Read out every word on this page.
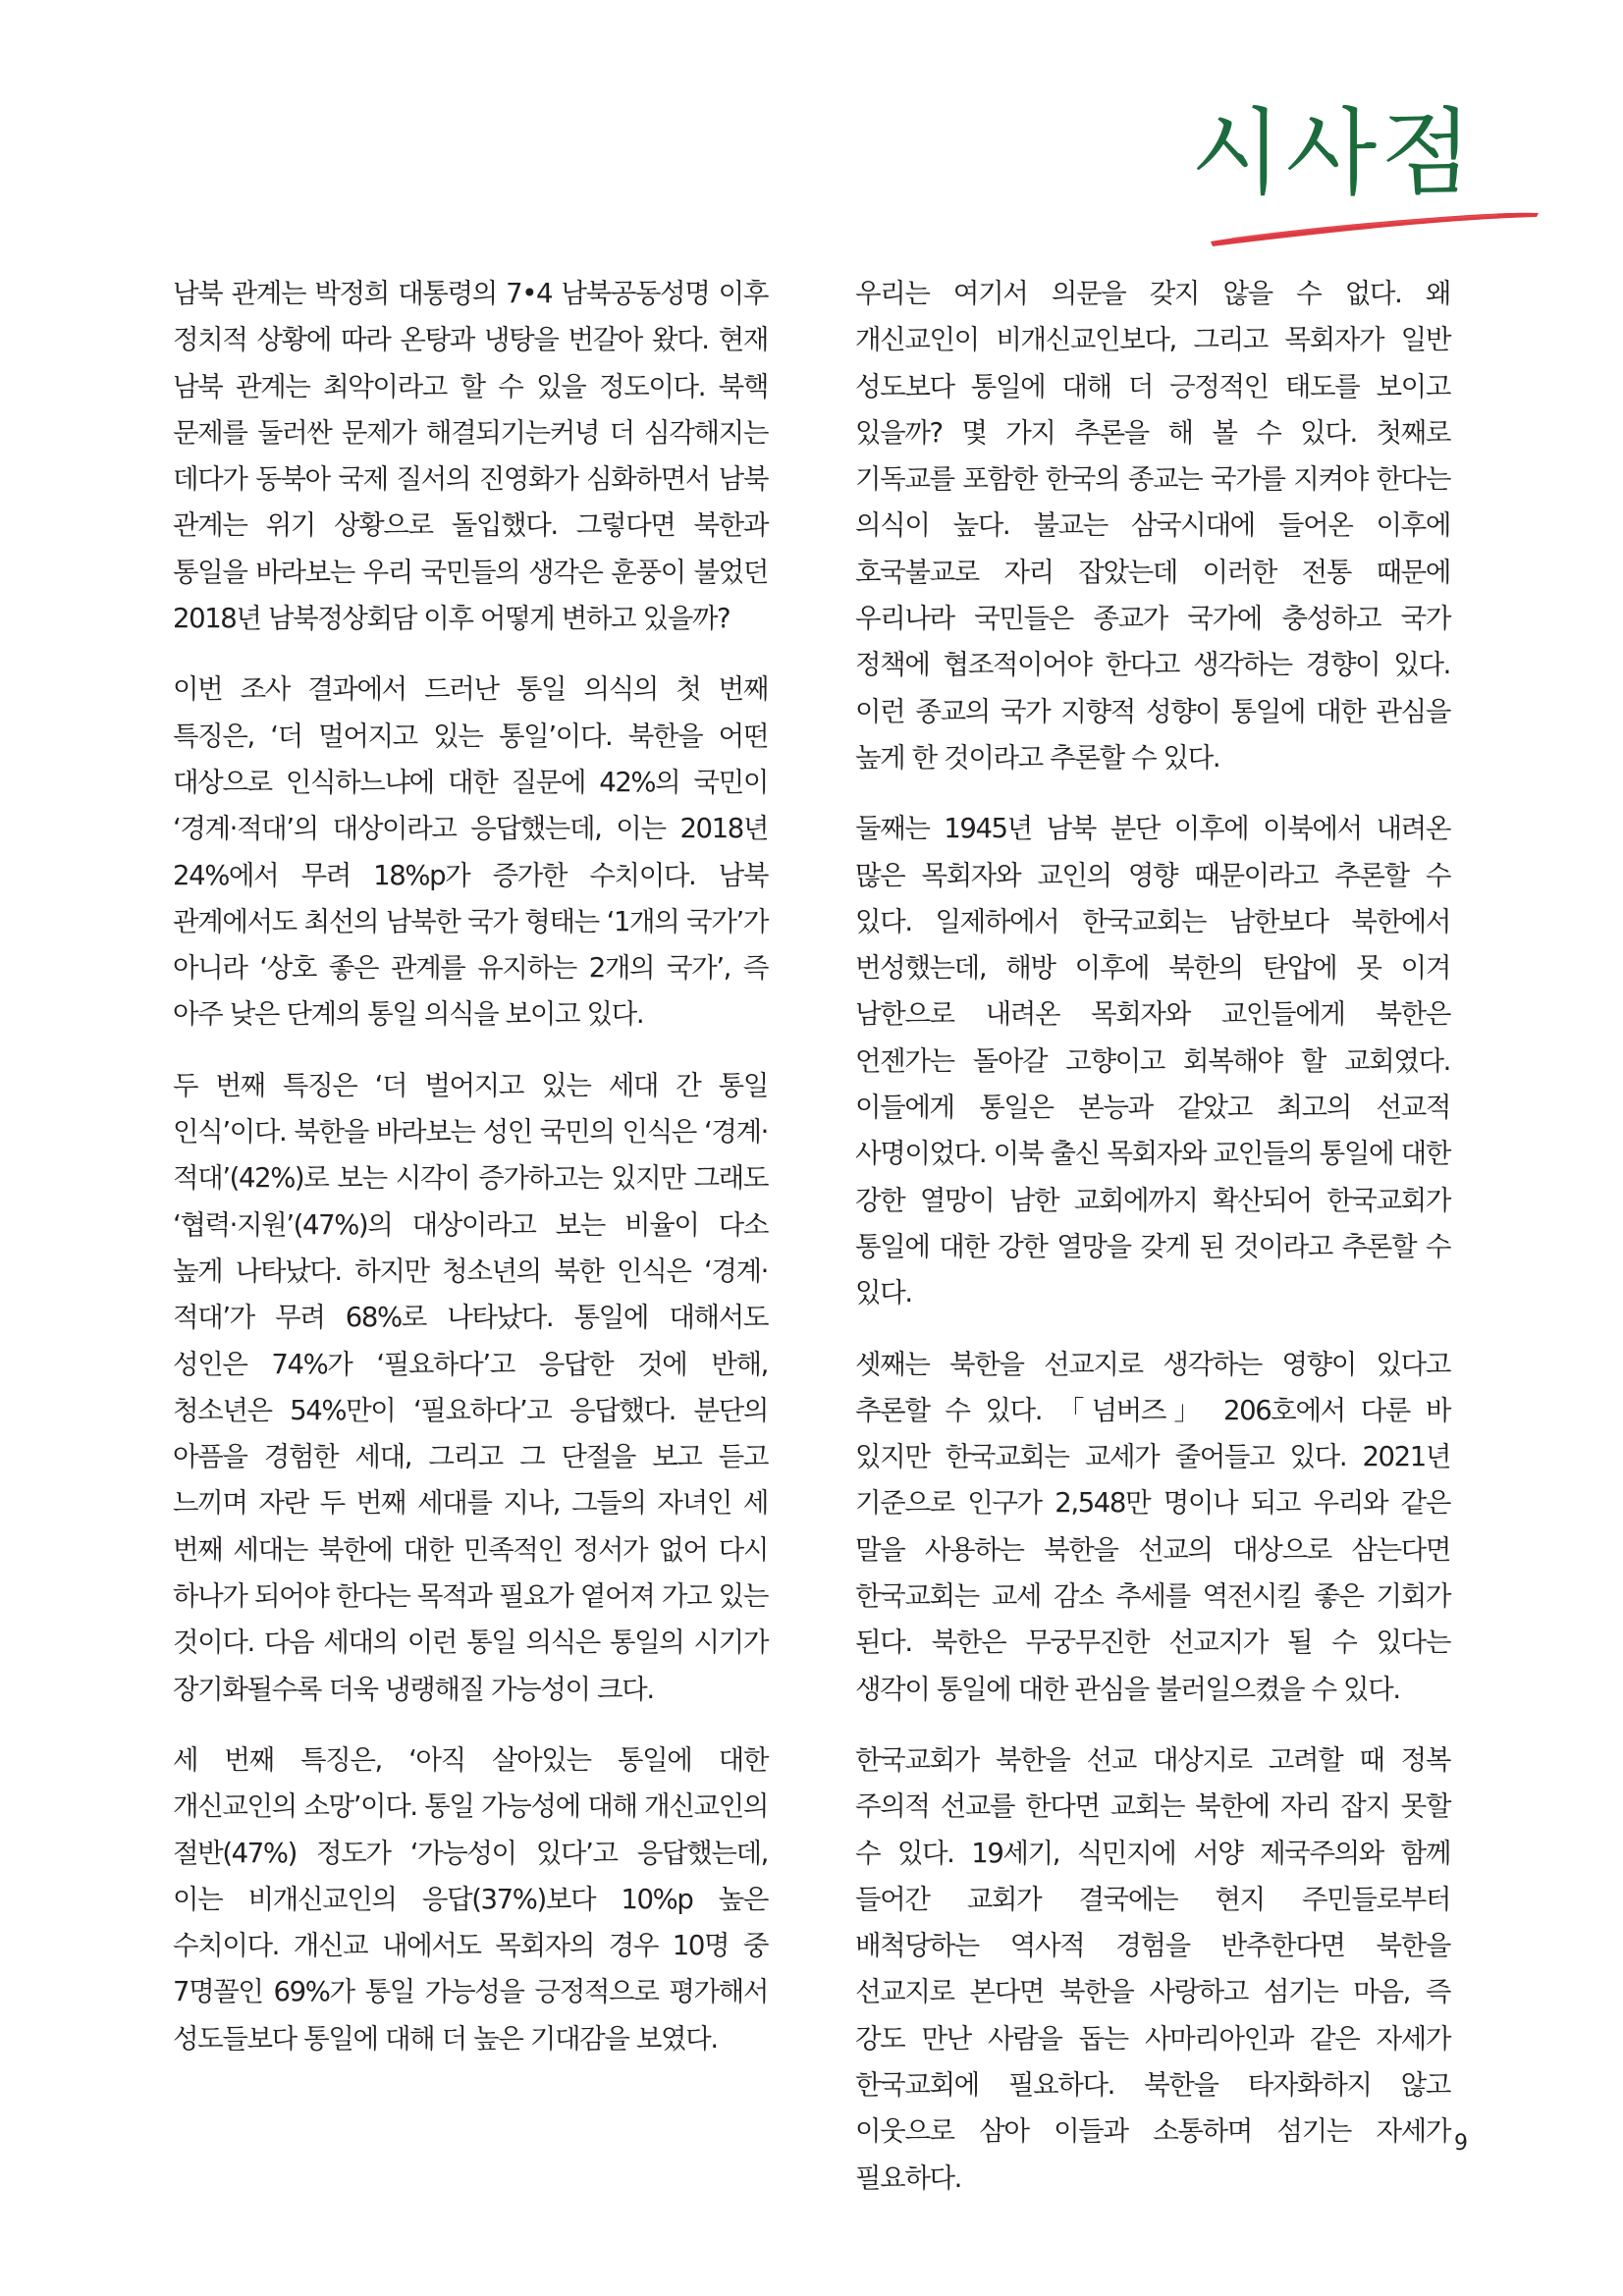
시사점

남북 관계는 박정희 대통령의 7•4 남북공동성명 이후 정치적 상황에 따라 온탕과 냉탕을 번갈아 왔다. 현재 남북 관계는 최악이라고 할 수 있을 정도이다. 북핵 문제를 둘러싼 문제가 해결되기는커녕 더 심각해지는 데다가 동북아 국제 질서의 진영화가 심화하면서 남북 관계는 위기 상황으로 돌입했다. 그렇다면 북한과 통일을 바라보는 우리 국민들의 생각은 훈풍이 불었던 2018년 남북정상회담 이후 어떻게 변하고 있을까?

이번 조사 결과에서 드러난 통일 의식의 첫 번째 특징은, ‘더 멀어지고 있는 통일’이다. 북한을 어떤 대상으로 인식하느냐에 대한 질문에 42%의 국민이 ‘경계·적대’의 대상이라고 응답했는데, 이는 2018년 24%에서 무려 18%p가 증가한 수치이다. 남북 관계에서도 최선의 남북한 국가 형태는 ‘1개의 국가’가 아니라 ‘상호 좋은 관계를 유지하는 2개의 국가’, 즉 아주 낮은 단계의 통일 의식을 보이고 있다.

두 번째 특징은 ‘더 벌어지고 있는 세대 간 통일 인식’이다. 북한을 바라보는 성인 국민의 인식은 ‘경계·적대’(42%)로 보는 시각이 증가하고는 있지만 그래도 ‘협력·지원’(47%)의 대상이라고 보는 비율이 다소 높게 나타났다. 하지만 청소년의 북한 인식은 ‘경계·적대’가 무려 68%로 나타났다. 통일에 대해서도 성인은 74%가 ‘필요하다’고 응답한 것에 반해, 청소년은 54%만이 ‘필요하다’고 응답했다. 분단의 아픔을 경험한 세대, 그리고 그 단절을 보고 듣고 느끼며 자란 두 번째 세대를 지나, 그들의 자녀인 세 번째 세대는 북한에 대한 민족적인 정서가 없어 다시 하나가 되어야 한다는 목적과 필요가 옅어져 가고 있는 것이다. 다음 세대의 이런 통일 의식은 통일의 시기가 장기화될수록 더욱 냉랭해질 가능성이 크다.

세 번째 특징은, ‘아직 살아있는 통일에 대한 개신교인의 소망’이다. 통일 가능성에 대해 개신교인의 절반(47%) 정도가 ‘가능성이 있다’고 응답했는데, 이는 비개신교인의 응답(37%)보다 10%p 높은 수치이다. 개신교 내에서도 목회자의 경우 10명 중 7명꼴인 69%가 통일 가능성을 긍정적으로 평가해서 성도들보다 통일에 대해 더 높은 기대감을 보였다.

우리는 여기서 의문을 갖지 않을 수 없다. 왜 개신교인이 비개신교인보다, 그리고 목회자가 일반 성도보다 통일에 대해 더 긍정적인 태도를 보이고 있을까? 몇 가지 추론을 해 볼 수 있다. 첫째로 기독교를 포함한 한국의 종교는 국가를 지켜야 한다는 의식이 높다. 불교는 삼국시대에 들어온 이후에 호국불교로 자리 잡았는데 이러한 전통 때문에 우리나라 국민들은 종교가 국가에 충성하고 국가 정책에 협조적이어야 한다고 생각하는 경향이 있다. 이런 종교의 국가 지향적 성향이 통일에 대한 관심을 높게 한 것이라고 추론할 수 있다.

둘째는 1945년 남북 분단 이후에 이북에서 내려온 많은 목회자와 교인의 영향 때문이라고 추론할 수 있다. 일제하에서 한국교회는 남한보다 북한에서 번성했는데, 해방 이후에 북한의 탄압에 못 이겨 남한으로 내려온 목회자와 교인들에게 북한은 언젠가는 돌아갈 고향이고 회복해야 할 교회였다. 이들에게 통일은 본능과 같았고 최고의 선교적 사명이었다. 이북 출신 목회자와 교인들의 통일에 대한 강한 열망이 남한 교회에까지 확산되어 한국교회가 통일에 대한 강한 열망을 갖게 된 것이라고 추론할 수 있다.

셋째는 북한을 선교지로 생각하는 영향이 있다고 추론할 수 있다. 「넘버즈」 206호에서 다룬 바 있지만 한국교회는 교세가 줄어들고 있다. 2021년 기준으로 인구가 2,548만 명이나 되고 우리와 같은 말을 사용하는 북한을 선교의 대상으로 삼는다면 한국교회는 교세 감소 추세를 역전시킬 좋은 기회가 된다. 북한은 무궁무진한 선교지가 될 수 있다는 생각이 통일에 대한 관심을 불러일으켰을 수 있다.

한국교회가 북한을 선교 대상지로 고려할 때 정복 주의적 선교를 한다면 교회는 북한에 자리 잡지 못할 수 있다. 19세기, 식민지에 서양 제국주의와 함께 들어간 교회가 결국에는 현지 주민들로부터 배척당하는 역사적 경험을 반추한다면 북한을 선교지로 본다면 북한을 사랑하고 섬기는 마음, 즉 강도 만난 사람을 돕는 사마리아인과 같은 자세가 한국교회에 필요하다. 북한을 타자화하지 않고 이웃으로 삼아 이들과 소통하며 섬기는 자세가 필요하다.

9
